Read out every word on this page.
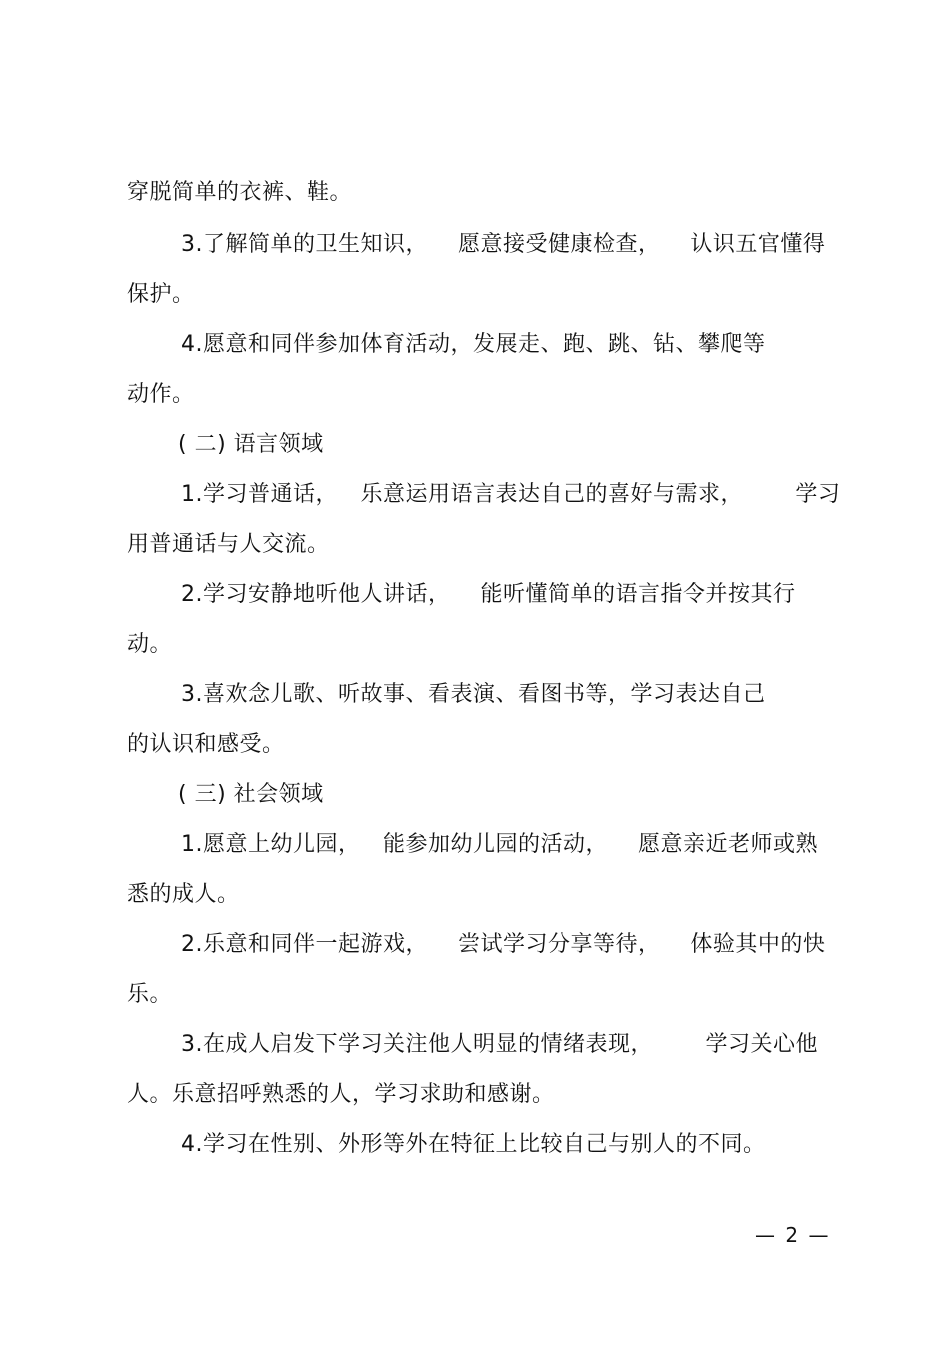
穿脱简单的衣裤、鞋。
3.了解简单的卫生知识，    愿意接受健康检查，    认识五官懂得
保护。
4.愿意和同伴参加体育活动，发展走、跑、跳、钻、攀爬等
动作。
( 二) 语言领域
1.学习普通话，   乐意运用语言表达自己的喜好与需求，       学习
用普通话与人交流。
2.学习安静地听他人讲话，    能听懂简单的语言指令并按其行
动。
3.喜欢念儿歌、听故事、看表演、看图书等，学习表达自己
的认识和感受。
( 三) 社会领域
1.愿意上幼儿园，   能参加幼儿园的活动，    愿意亲近老师或熟
悉的成人。
2.乐意和同伴一起游戏，    尝试学习分享等待，    体验其中的快
乐。
3.在成人启发下学习关注他人明显的情绪表现，       学习关心他
人。乐意招呼熟悉的人，学习求助和感谢。
4.学习在性别、外形等外在特征上比较自己与别人的不同。
— 2 —
